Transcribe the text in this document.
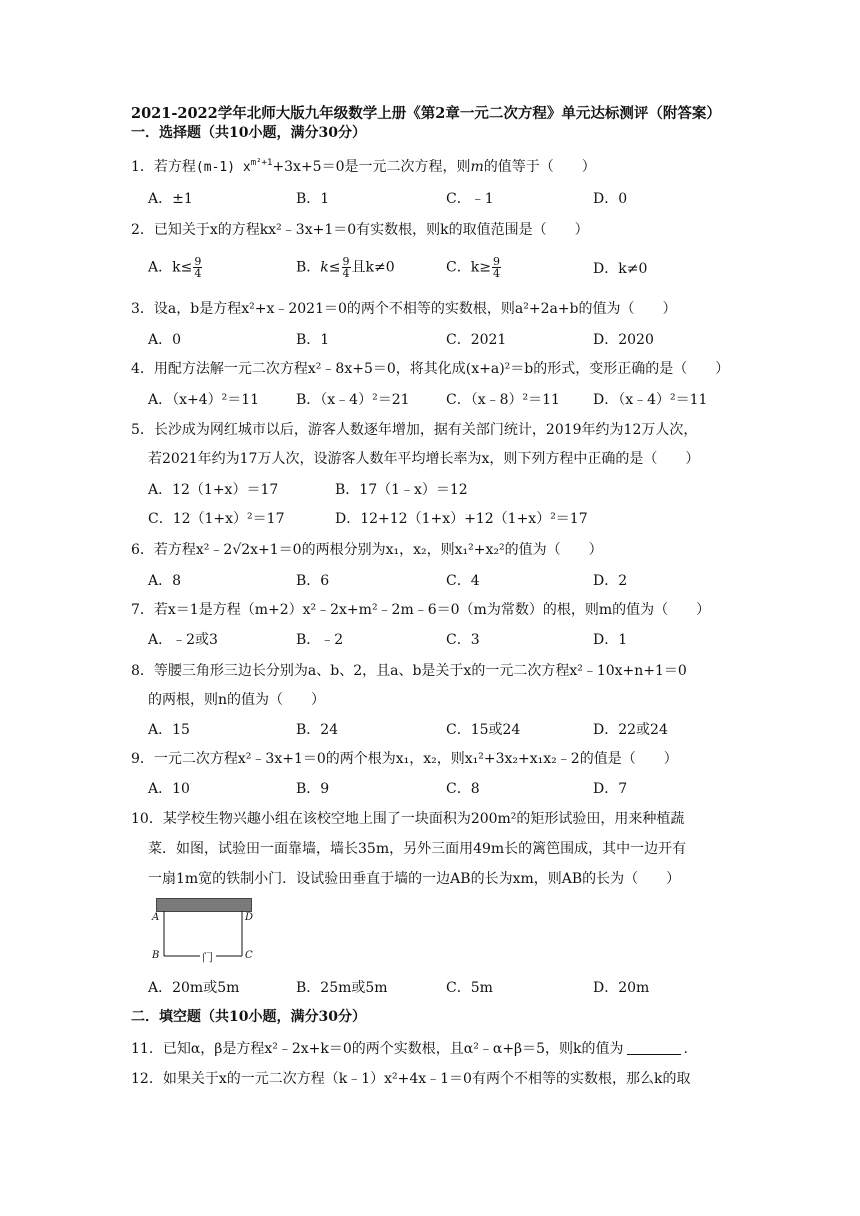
2021-2022学年北师大版九年级数学上册《第2章一元二次方程》单元达标测评（附答案）
一．选择题（共10小题，满分30分）
1．若方程(m-1) $x^{m^2+1}+3x+5=0$是一元二次方程，则m的值等于（　　）
A．±1	B．1	C．﹣1	D．0
2．已知关于x的方程kx²﹣3x+1＝0有实数根，则k的取值范围是（　　）
A．$k\le \frac{9}{4}$	B．$k\le \frac{9}{4}$ 且k≠0	C．$k\ge \frac{9}{4}$	D．k≠0
3．设a，b是方程x²+x﹣2021＝0的两个不相等的实数根，则a²+2a+b的值为（　　）
A．0	B．1	C．2021	D．2020
4．用配方法解一元二次方程x²﹣8x+5＝0，将其化成(x+a)²＝b的形式，变形正确的是（　　）
A．（x+4）²＝11	B．（x﹣4）²＝21	C．（x﹣8）²＝11 D．（x﹣4）²＝11
5．长沙成为网红城市以后，游客人数逐年增加，据有关部门统计，2019年约为12万人次，
若2021年约为17万人次，设游客人数年平均增长率为x，则下列方程中正确的是（　　）
A．12（1+x）＝17	B．17（1﹣x）＝12
C．12（1+x）²＝17	D．12+12（1+x）+12（1+x）²＝17
6．若方程x²﹣2√2x+1＝0的两根分别为x₁，x₂，则x₁²+x₂²的值为（　　）
A．8	B．6	C．4	D．2
7．若x＝1是方程（m+2）x²﹣2x+m²﹣2m﹣6＝0（m为常数）的根，则m的值为（　　）
A．﹣2或3	B．﹣2	C．3	D．1
8．等腰三角形三边长分别为a、b、2，且a、b是关于x的一元二次方程x²﹣10x+n+1＝0
的两根，则n的值为（　　）
A．15	B．24	C．15或24	D．22或24
9．一元二次方程x²﹣3x+1＝0的两个根为x₁，x₂，则x₁²+3x₂+x₁x₂﹣2的值是（　　）
A．10	B．9	C．8	D．7
10．某学校生物兴趣小组在该校空地上围了一块面积为200m²的矩形试验田，用来种植蔬
菜．如图，试验田一面靠墙，墙长35m，另外三面用49m长的篱笆围成，其中一边开有
一扇1m宽的铁制小门．设试验田垂直于墙的一边AB的长为xm，则AB的长为（　　）
A	D
B	C
门
A．20m或5m	B．25m或5m	C．5m	D．20m
二．填空题（共10小题，满分30分）
11．已知α，β是方程x²﹣2x+k＝0的两个实数根，且α²﹣α+β＝5，则k的值为	.
12．如果关于x的一元二次方程（k﹣1）x²+4x﹣1＝0有两个不相等的实数根，那么k的取
